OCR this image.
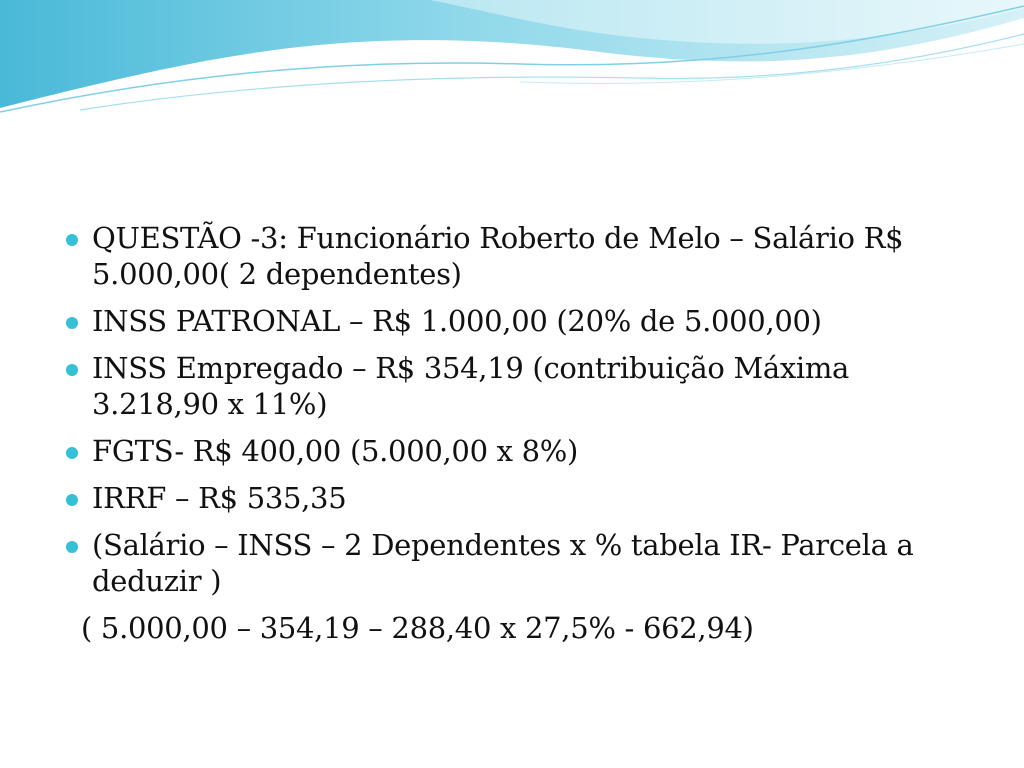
QUESTÃO -3: Funcionário Roberto de Melo – Salário R$ 5.000,00( 2 dependentes)
INSS PATRONAL – R$ 1.000,00 (20% de 5.000,00)
INSS Empregado – R$ 354,19 (contribuição Máxima 3.218,90 x 11%)
FGTS- R$ 400,00 (5.000,00 x 8%)
IRRF – R$ 535,35
(Salário – INSS – 2 Dependentes x % tabela IR- Parcela a deduzir )
( 5.000,00 – 354,19 – 288,40 x 27,5% - 662,94)
